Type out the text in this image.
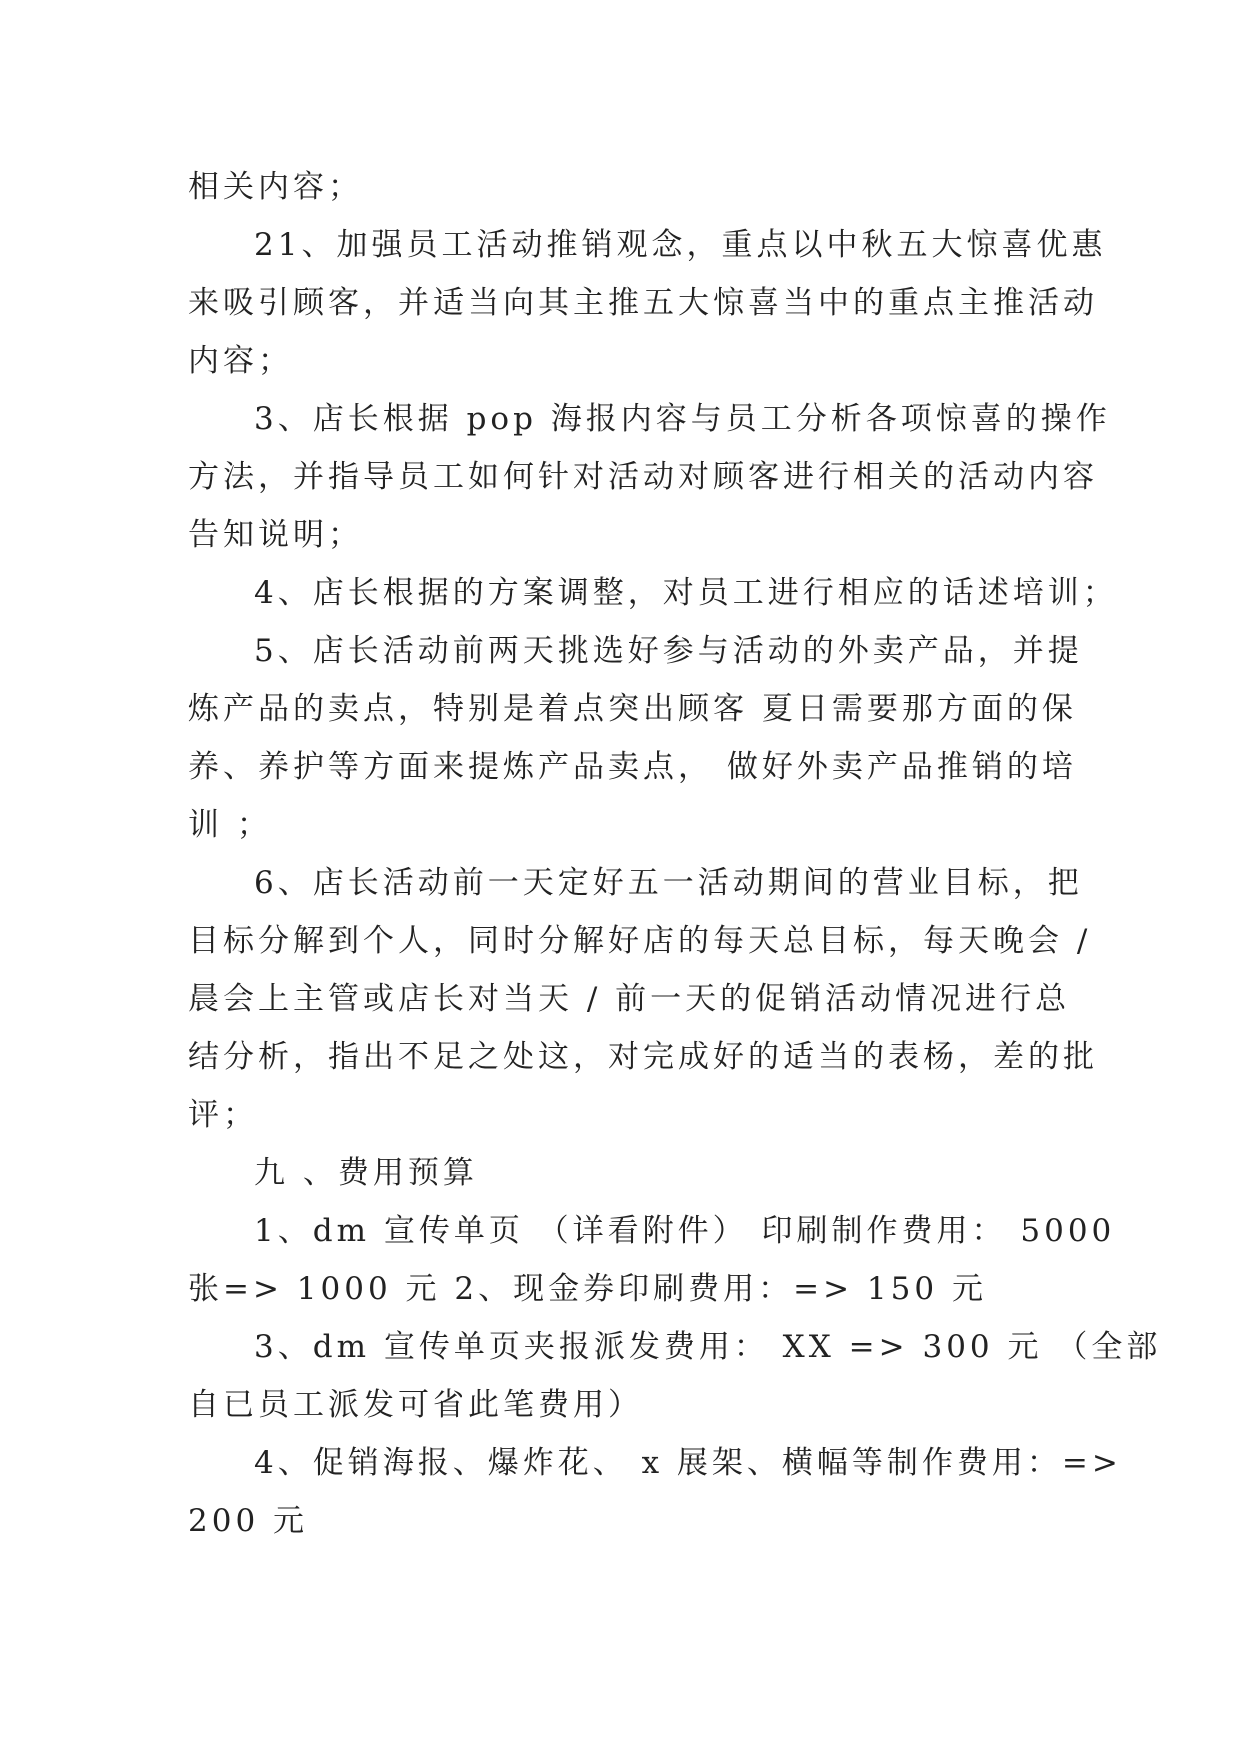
相关内容；
21、加强员工活动推销观念，重点以中秋五大惊喜优惠
来吸引顾客，并适当向其主推五大惊喜当中的重点主推活动
内容；
3、店长根据 pop 海报内容与员工分析各项惊喜的操作
方法，并指导员工如何针对活动对顾客进行相关的活动内容
告知说明；
4、店长根据的方案调整，对员工进行相应的话述培训；
5、店长活动前两天挑选好参与活动的外卖产品，并提
炼产品的卖点，特别是着点突出顾客 夏日需要那方面的保
养、养护等方面来提炼产品卖点， 做好外卖产品推销的培
训 ；
6、店长活动前一天定好五一活动期间的营业目标，把
目标分解到个人，同时分解好店的每天总目标，每天晚会 /
晨会上主管或店长对当天 / 前一天的促销活动情况进行总
结分析，指出不足之处这，对完成好的适当的表杨，差的批
评；
九 、费用预算
1、dm 宣传单页 （详看附件） 印刷制作费用： 5000
张=> 1000 元 2、现金券印刷费用：=> 150 元
3、dm 宣传单页夹报派发费用： XX => 300 元 （全部
自已员工派发可省此笔费用）
4、促销海报、爆炸花、 x 展架、横幅等制作费用：=>
200 元
